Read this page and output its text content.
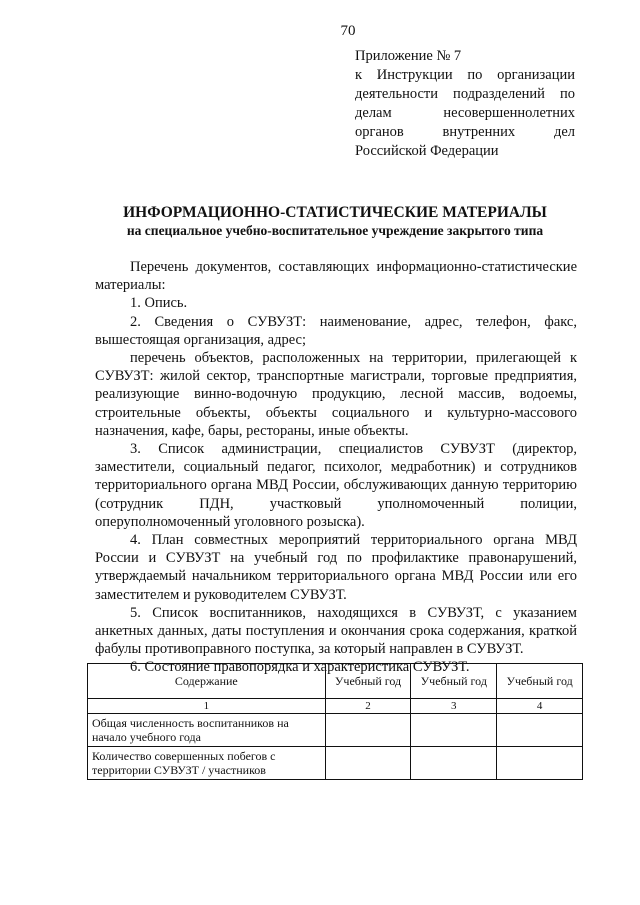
70
Приложение № 7
к Инструкции по организации
деятельности подразделений по
делам несовершеннолетних
органов внутренних дел
Российской Федерации
ИНФОРМАЦИОННО-СТАТИСТИЧЕСКИЕ МАТЕРИАЛЫ
на специальное учебно-воспитательное учреждение закрытого типа

Перечень документов, составляющих информационно-статистические материалы:

1. Опись.

2. Сведения о СУВУЗТ: наименование, адрес, телефон, факс, вышестоящая организация, адрес;

перечень объектов, расположенных на территории, прилегающей к СУВУЗТ: жилой сектор, транспортные магистрали, торговые предприятия, реализующие винно-водочную продукцию, лесной массив, водоемы, строительные объекты, объекты социального и культурно-массового назначения, кафе, бары, рестораны, иные объекты.

3. Список администрации, специалистов СУВУЗТ (директор, заместители, социальный педагог, психолог, медработник) и сотрудников территориального органа МВД России, обслуживающих данную территорию (сотрудник ПДН, участковый уполномоченный полиции, оперуполномоченный уголовного розыска).

4. План совместных мероприятий территориального органа МВД России и СУВУЗТ на учебный год по профилактике правонарушений, утверждаемый начальником территориального органа МВД России или его заместителем и руководителем СУВУЗТ.

5. Список воспитанников, находящихся в СУВУЗТ, с указанием анкетных данных, даты поступления и окончания срока содержания, краткой фабулы противоправного поступка, за который направлен в СУВУЗТ.

6. Состояние правопорядка и характеристика СУВУЗТ.

Содержание	Учебный год	Учебный год	Учебный год
1	2	3	4
Общая численность воспитанников на начало учебного года			
Количество совершенных побегов с территории СУВУЗТ / участников			
